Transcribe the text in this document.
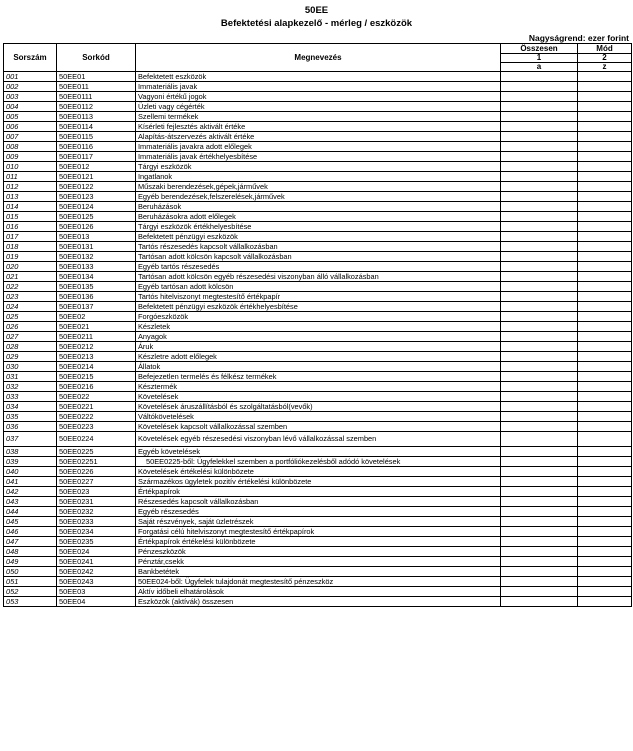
50EE
Befektetési alapkezelő - mérleg / eszközök
Nagyságrend: ezer forint
Sorszám	Sorkód	Megnevezés	Összesen	Mód
			1	2
			a	z
001	50EE01	Befektetett eszközök		
002	50EE011	Immateriális javak		
003	50EE0111	Vagyoni értékű jogok		
004	50EE0112	Üzleti vagy cégérték		
005	50EE0113	Szellemi termékek		
006	50EE0114	Kísérleti fejlesztés aktivált értéke		
007	50EE0115	Alapítás-átszervezés aktivált értéke		
008	50EE0116	Immateriális javakra adott előlegek		
009	50EE0117	Immateriális javak értékhelyesbítése		
010	50EE012	Tárgyi eszközök		
011	50EE0121	Ingatlanok		
012	50EE0122	Műszaki berendezések,gépek,járművek		
013	50EE0123	Egyéb berendezések,felszerelések,járművek		
014	50EE0124	Beruházások		
015	50EE0125	Beruházásokra adott előlegek		
016	50EE0126	Tárgyi eszközök értékhelyesbítése		
017	50EE013	Befektetett pénzügyi eszközök		
018	50EE0131	Tartós részesedés kapcsolt vállalkozásban		
019	50EE0132	Tartósan adott kölcsön kapcsolt vállalkozásban		
020	50EE0133	Egyéb tartós részesedés		
021	50EE0134	Tartósan adott kölcsön egyéb részesedési viszonyban álló vállalkozásban		
022	50EE0135	Egyéb tartósan adott kölcsön		
023	50EE0136	Tartós hitelviszonyt megtestesítő értékpapír		
024	50EE0137	Befektetett pénzügyi eszközök értékhelyesbítése		
025	50EE02	Forgóeszközök		
026	50EE021	Készletek		
027	50EE0211	Anyagok		
028	50EE0212	Áruk		
029	50EE0213	Készletre adott előlegek		
030	50EE0214	Állatok		
031	50EE0215	Befejezetlen termelés és félkész termékek		
032	50EE0216	Késztermék		
033	50EE022	Követelések		
034	50EE0221	Követelések áruszállításból és szolgáltatásból(vevők)		
035	50EE0222	Váltókövetelések		
036	50EE0223	Követelések kapcsolt vállalkozással szemben		
037	50EE0224	Követelések egyéb részesedési viszonyban lévő vállalkozással szemben		
038	50EE0225	Egyéb követelések		
039	50EE02251	50EE0225-ből: Ügyfelekkel szemben a portfóliókezelésből adódó követelések		
040	50EE0226	Követelések értékelési különbözete		
041	50EE0227	Származékos ügyletek pozitív értékelési különbözete		
042	50EE023	Értékpapírok		
043	50EE0231	Részesedés kapcsolt vállalkozásban		
044	50EE0232	Egyéb részesedés		
045	50EE0233	Saját részvények, saját üzletrészek		
046	50EE0234	Forgatási célú hitelviszonyt megtestesítő értékpapírok		
047	50EE0235	Értékpapírok értékelési különbözete		
048	50EE024	Pénzeszközök		
049	50EE0241	Pénztár,csekk		
050	50EE0242	Bankbetétek		
051	50EE0243	50EE024-ből: Ügyfelek tulajdonát megtestesítő pénzeszköz		
052	50EE03	Aktív időbeli elhatárolások		
053	50EE04	Eszközök (aktívák) összesen		
